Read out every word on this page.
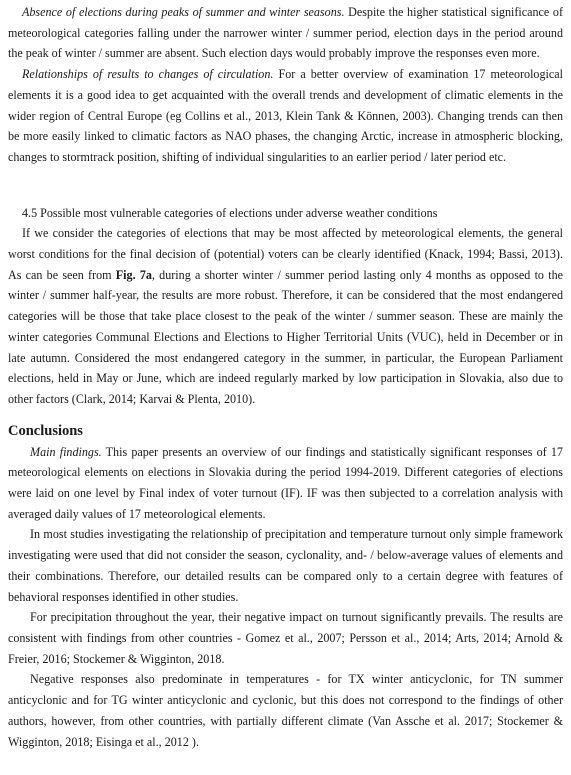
Absence of elections during peaks of summer and winter seasons. Despite the higher statistical significance of meteorological categories falling under the narrower winter / summer period, election days in the period around the peak of winter / summer are absent. Such election days would probably improve the responses even more.

Relationships of results to changes of circulation. For a better overview of examination 17 meteorological elements it is a good idea to get acquainted with the overall trends and development of climatic elements in the wider region of Central Europe (eg Collins et al., 2013, Klein Tank & Können, 2003). Changing trends can then be more easily linked to climatic factors as NAO phases, the changing Arctic, increase in atmospheric blocking, changes to stormtrack position, shifting of individual singularities to an earlier period / later period etc.

4.5 Possible most vulnerable categories of elections under adverse weather conditions

If we consider the categories of elections that may be most affected by meteorological elements, the general worst conditions for the final decision of (potential) voters can be clearly identified (Knack, 1994; Bassi, 2013). As can be seen from Fig. 7a, during a shorter winter / summer period lasting only 4 months as opposed to the winter / summer half-year, the results are more robust. Therefore, it can be considered that the most endangered categories will be those that take place closest to the peak of the winter / summer season. These are mainly the winter categories Communal Elections and Elections to Higher Territorial Units (VUC), held in December or in late autumn. Considered the most endangered category in the summer, in particular, the European Parliament elections, held in May or June, which are indeed regularly marked by low participation in Slovakia, also due to other factors (Clark, 2014; Karvai & Plenta, 2010).

Conclusions

Main findings. This paper presents an overview of our findings and statistically significant responses of 17 meteorological elements on elections in Slovakia during the period 1994-2019. Different categories of elections were laid on one level by Final index of voter turnout (IF). IF was then subjected to a correlation analysis with averaged daily values of 17 meteorological elements.

In most studies investigating the relationship of precipitation and temperature turnout only simple framework investigating were used that did not consider the season, cyclonality, and- / below-average values of elements and their combinations. Therefore, our detailed results can be compared only to a certain degree with features of behavioral responses identified in other studies.

For precipitation throughout the year, their negative impact on turnout significantly prevails. The results are consistent with findings from other countries - Gomez et al., 2007; Persson et al., 2014; Arts, 2014; Arnold & Freier, 2016; Stockemer & Wigginton, 2018.

Negative responses also predominate in temperatures - for TX winter anticyclonic, for TN summer anticyclonic and for TG winter anticyclonic and cyclonic, but this does not correspond to the findings of other authors, however, from other countries, with partially different climate (Van Assche et al. 2017; Stockemer & Wigginton, 2018; Eisinga et al., 2012 ).
